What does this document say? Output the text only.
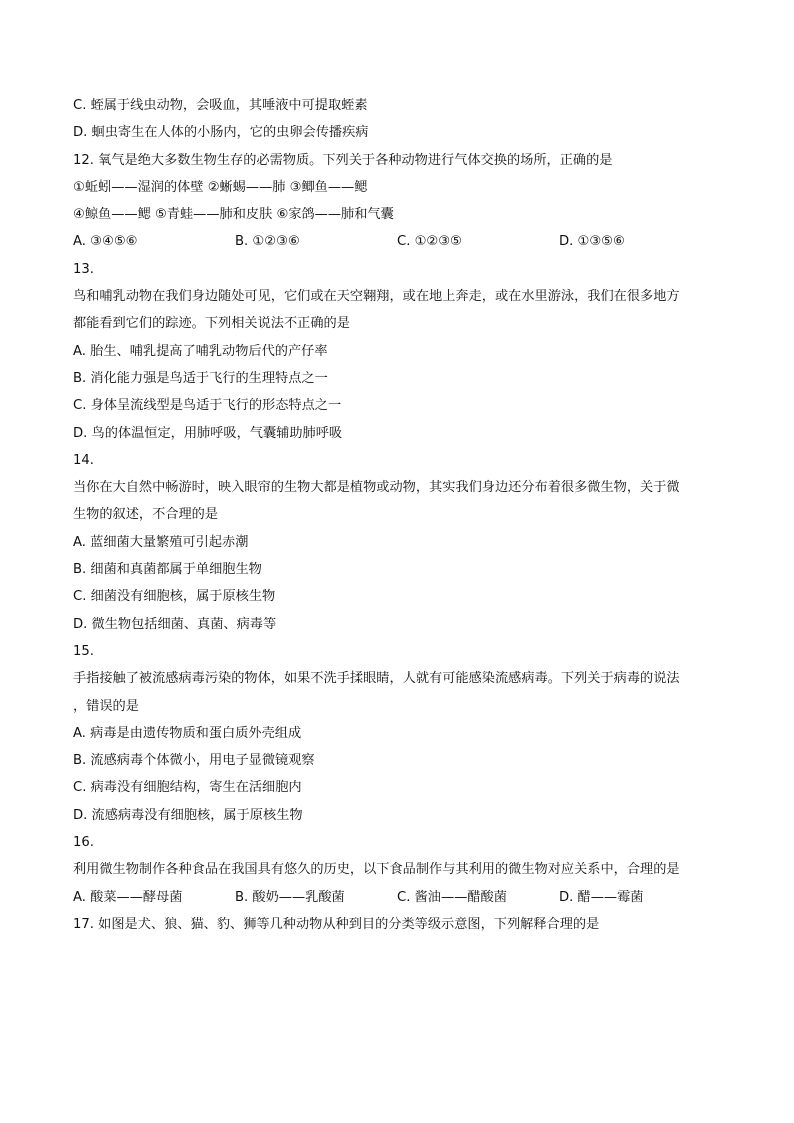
C. 蛭属于线虫动物，会吸血，其唾液中可提取蛭素
D. 蛔虫寄生在人体的小肠内，它的虫卵会传播疾病
12. 氧气是绝大多数生物生存的必需物质。下列关于各种动物进行气体交换的场所，正确的是
①蚯蚓——湿润的体壁 ②蜥蜴——肺 ③鲫鱼——鳃
④鲸鱼——鳃 ⑤青蛙——肺和皮肤 ⑥家鸽——肺和气囊
A. ③④⑤⑥	B. ①②③⑥	C. ①②③⑤	D. ①③⑤⑥
13.
鸟和哺乳动物在我们身边随处可见，它们或在天空翱翔，或在地上奔走，或在水里游泳，我们在很多地方
都能看到它们的踪迹。下列相关说法不正确的是
A. 胎生、哺乳提高了哺乳动物后代的产仔率
B. 消化能力强是鸟适于飞行的生理特点之一
C. 身体呈流线型是鸟适于飞行的形态特点之一
D. 鸟的体温恒定，用肺呼吸，气囊辅助肺呼吸
14.
当你在大自然中畅游时，映入眼帘的生物大都是植物或动物，其实我们身边还分布着很多微生物，关于微
生物的叙述，不合理的是
A. 蓝细菌大量繁殖可引起赤潮
B. 细菌和真菌都属于单细胞生物
C. 细菌没有细胞核，属于原核生物
D. 微生物包括细菌、真菌、病毒等
15.
手指接触了被流感病毒污染的物体，如果不洗手揉眼睛，人就有可能感染流感病毒。下列关于病毒的说法
，错误的是
A. 病毒是由遗传物质和蛋白质外壳组成
B. 流感病毒个体微小，用电子显微镜观察
C. 病毒没有细胞结构，寄生在活细胞内
D. 流感病毒没有细胞核，属于原核生物
16.
利用微生物制作各种食品在我国具有悠久的历史，以下食品制作与其利用的微生物对应关系中，合理的是
A. 酸菜——酵母菌	B. 酸奶——乳酸菌	C. 酱油——醋酸菌	D. 醋——霉菌
17. 如图是犬、狼、猫、豹、狮等几种动物从种到目的分类等级示意图，下列解释合理的是
